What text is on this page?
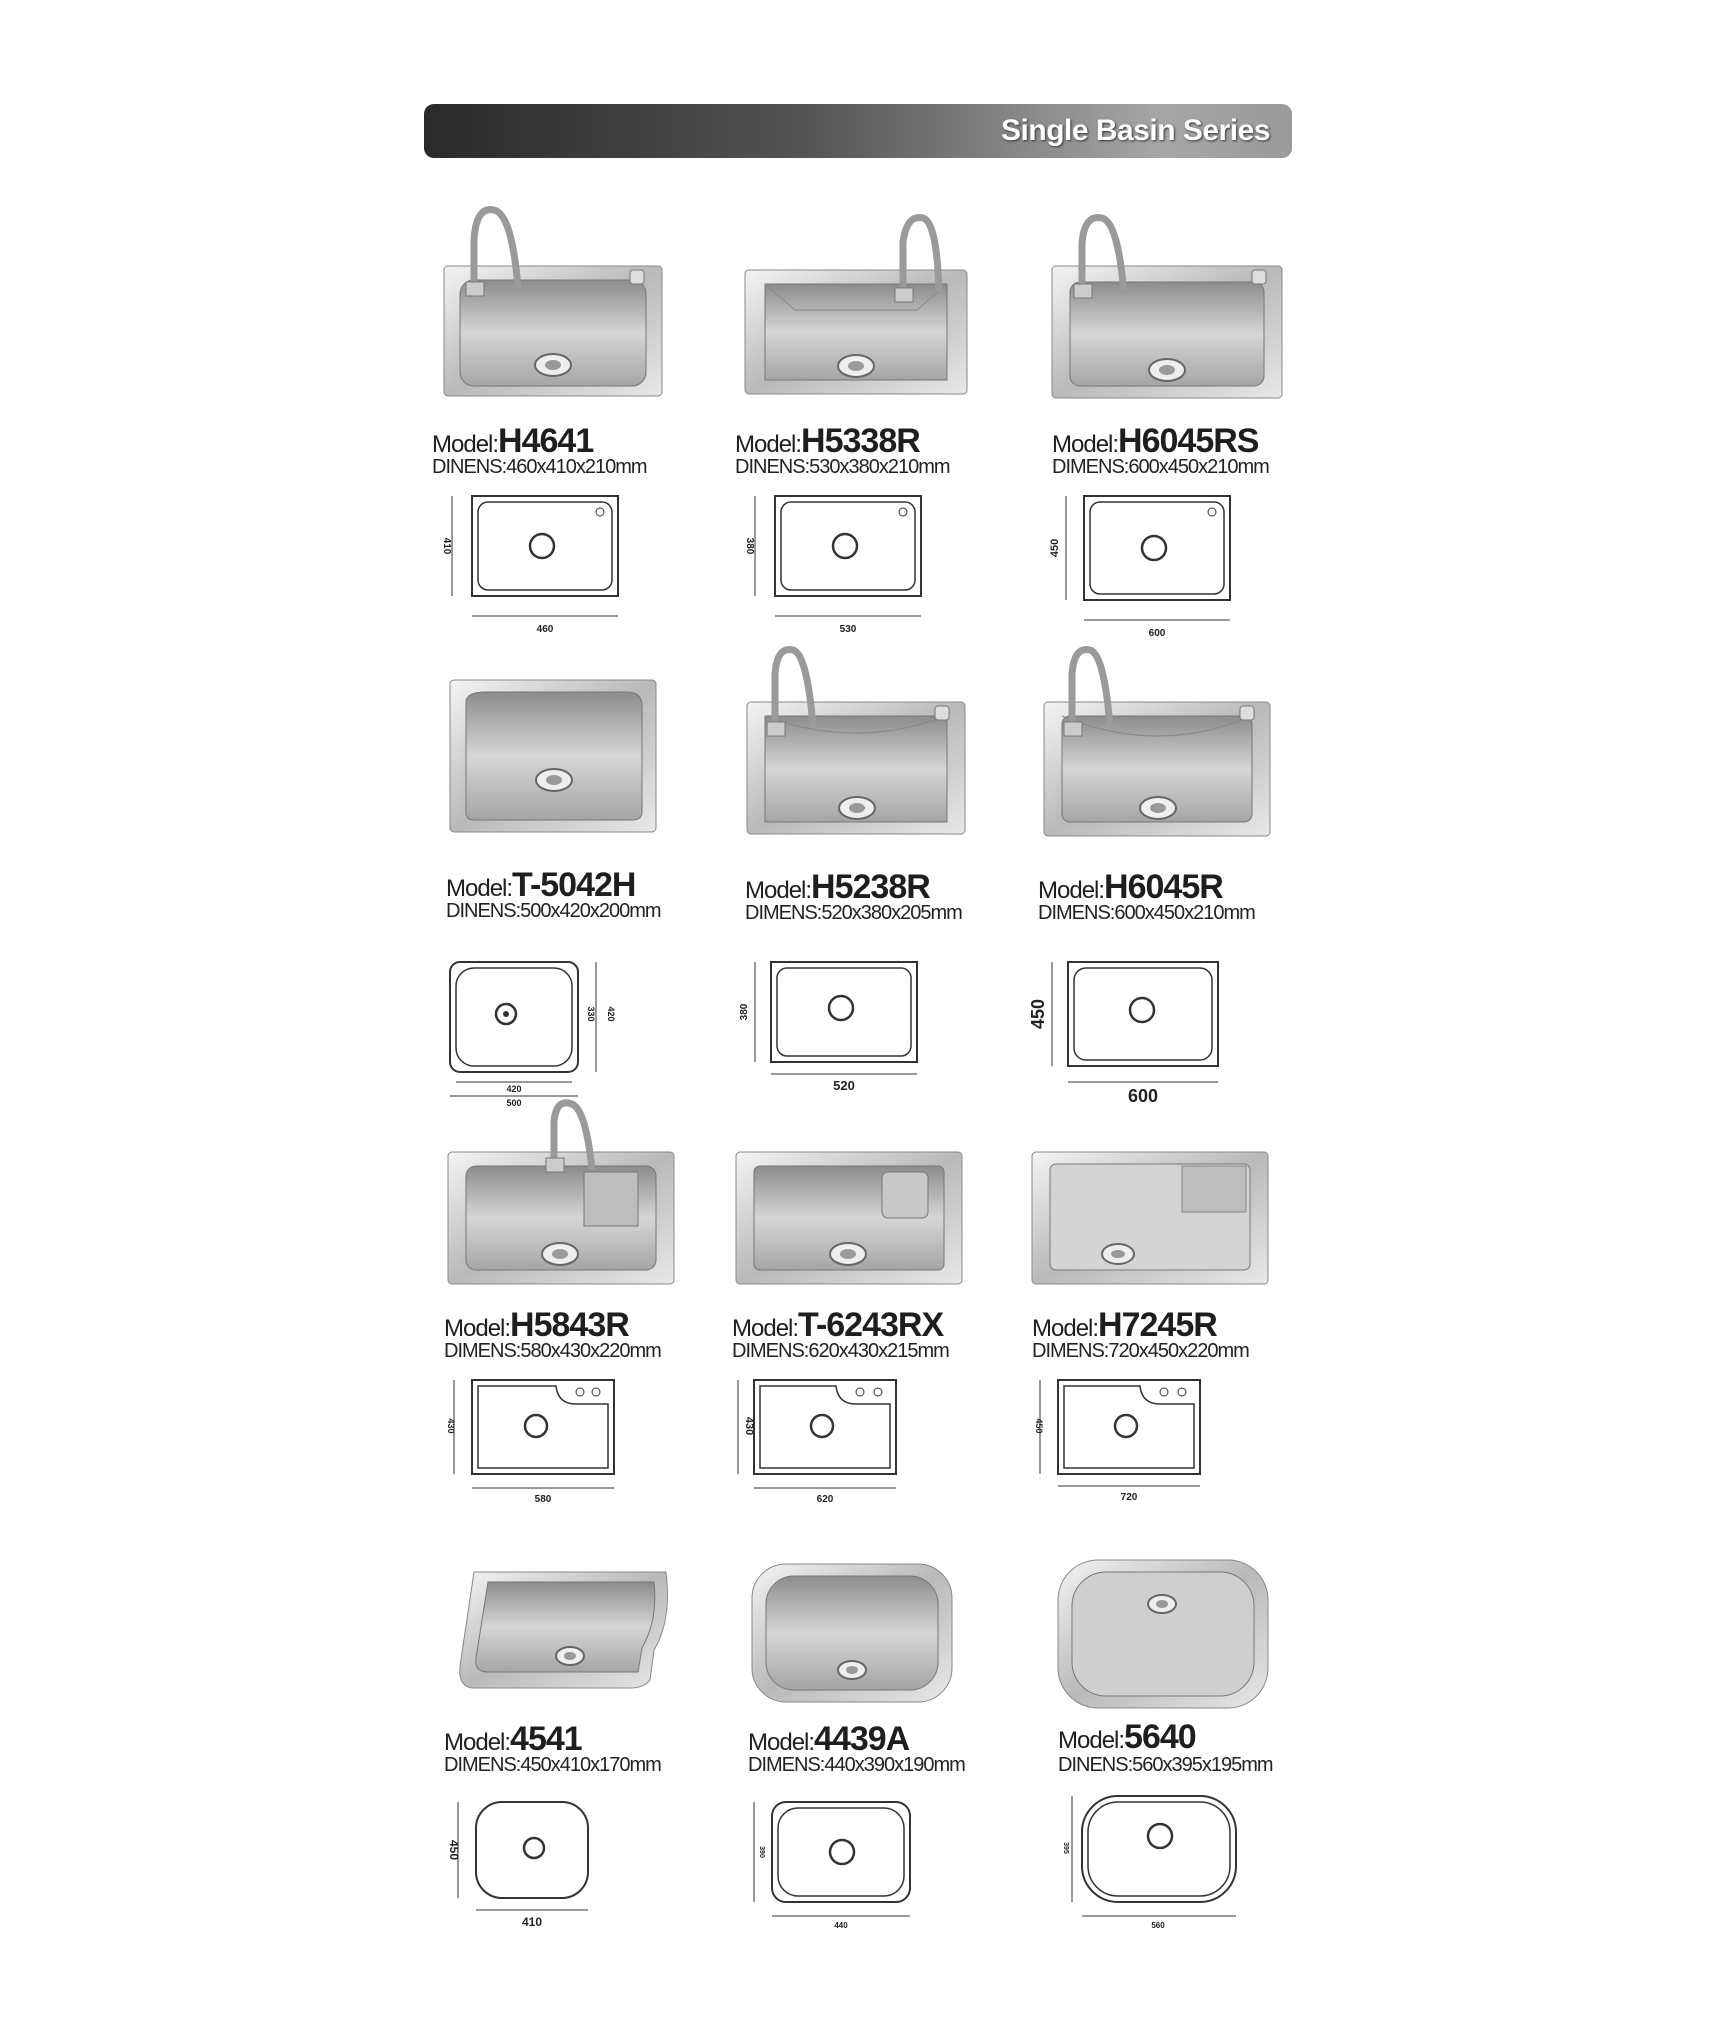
Single Basin Series
Model:H4641
DINENS:460x410x210mm
410
460
Model:H5338R
DINENS:530x380x210mm
380
530
Model:H6045RS
DIMENS:600x450x210mm
450
600
Model:T-5042H
DINENS:500x420x200mm
420
330
420
500
Model:H5238R
DIMENS:520x380x205mm
380
520
Model:H6045R
DIMENS:600x450x210mm
450
600
Model:H5843R
DIMENS:580x430x220mm
430
580
Model:T-6243RX
DIMENS:620x430x215mm
430
620
Model:H7245R
DIMENS:720x450x220mm
450
720
Model:4541
DIMENS:450x410x170mm
450
410
Model:4439A
DIMENS:440x390x190mm
390
440
Model:5640
DINENS:560x395x195mm
395
560
